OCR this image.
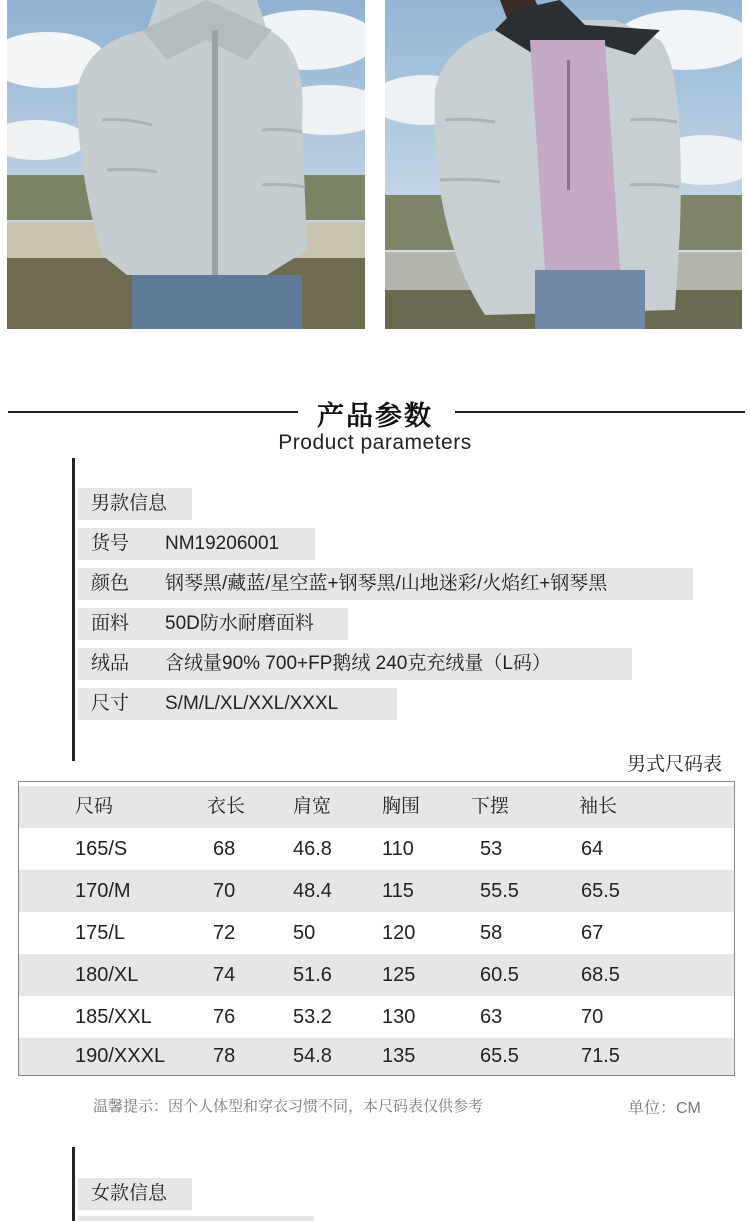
产品参数
Product parameters
男款信息
货号 NM19206001
颜色 钢琴黑/藏蓝/星空蓝+钢琴黑/山地迷彩/火焰红+钢琴黑
面料 50D防水耐磨面料
绒品 含绒量90% 700+FP鹅绒 240克充绒量（L码）
尺寸 S/M/L/XL/XXL/XXXL
男式尺码表
尺码	衣长	肩宽	胸围	下摆	袖长
165/S	68	46.8	110	53	64
170/M	70	48.4	115	55.5	65.5
175/L	72	50	120	58	67
180/XL	74	51.6	125	60.5	68.5
185/XXL	76	53.2	130	63	70
190/XXXL 78	54.8	135	65.5	71.5
温馨提示：因个人体型和穿衣习惯不同，本尺码表仅供参考	单位：CM
女款信息
